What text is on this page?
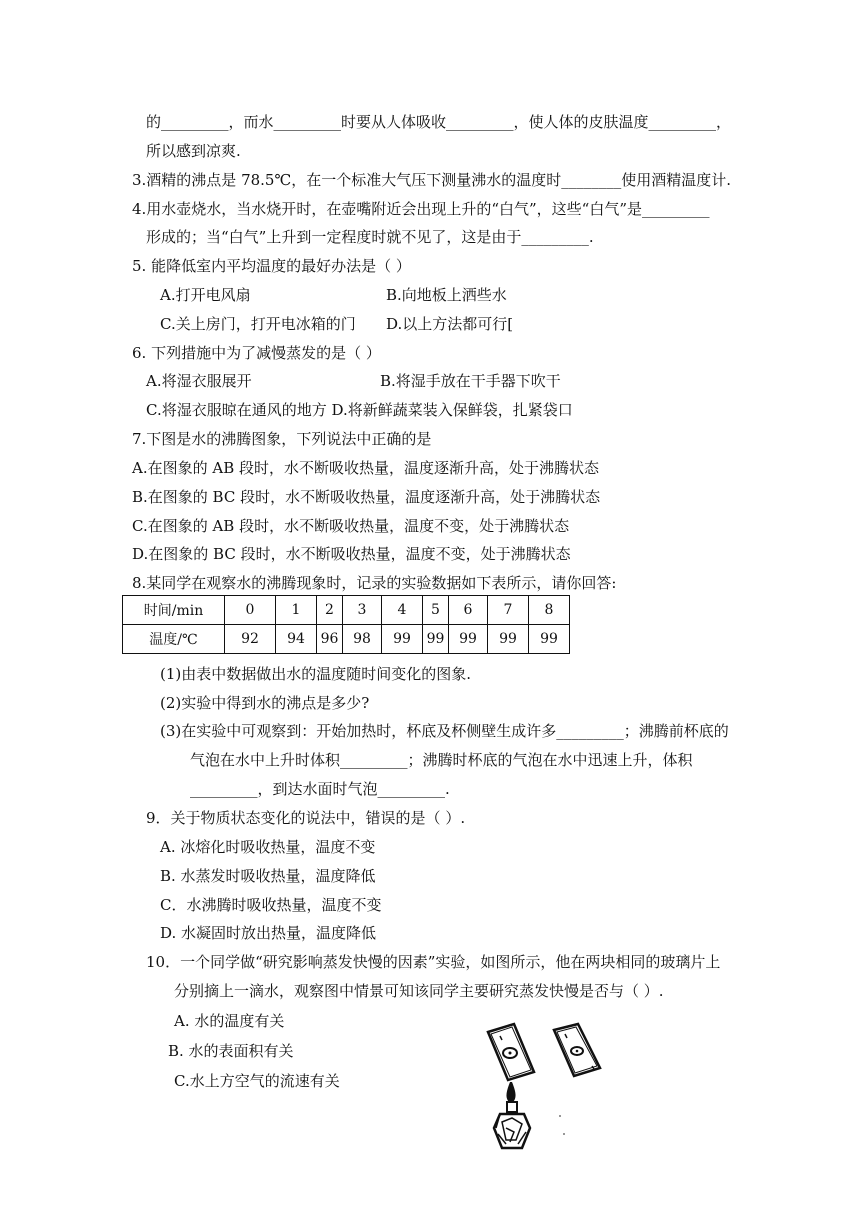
的_________，而水_________时要从人体吸收_________，使人体的皮肤温度_________，
所以感到凉爽.
3.酒精的沸点是 78.5℃，在一个标准大气压下测量沸水的温度时________使用酒精温度计.
4.用水壶烧水，当水烧开时，在壶嘴附近会出现上升的“白气”，这些“白气”是_________
形成的；当“白气”上升到一定程度时就不见了，这是由于_________.
5. 能降低室内平均温度的最好办法是（ ）
A.打开电风扇	B.向地板上洒些水
C.关上房门，打开电冰箱的门 D.以上方法都可行[
6. 下列措施中为了减慢蒸发的是（ ）
A.将湿衣服展开	B.将湿手放在干手器下吹干
C.将湿衣服晾在通风的地方 D.将新鲜蔬菜装入保鲜袋，扎紧袋口
7.下图是水的沸腾图象，下列说法中正确的是
A.在图象的 AB 段时，水不断吸收热量，温度逐渐升高，处于沸腾状态
B.在图象的 BC 段时，水不断吸收热量，温度逐渐升高，处于沸腾状态
C.在图象的 AB 段时，水不断吸收热量，温度不变，处于沸腾状态
D.在图象的 BC 段时，水不断吸收热量，温度不变，处于沸腾状态
8.某同学在观察水的沸腾现象时，记录的实验数据如下表所示，请你回答:
时间/min	0	1	2	3	4	5	6	7	8
温度/℃	92	94	96	98	99	99	99	99	99
(1)由表中数据做出水的温度随时间变化的图象.
(2)实验中得到水的沸点是多少?
(3)在实验中可观察到：开始加热时，杯底及杯侧壁生成许多_________；沸腾前杯底的
气泡在水中上升时体积_________；沸腾时杯底的气泡在水中迅速上升，体积
_________，到达水面时气泡_________.
9．关于物质状态变化的说法中，错误的是（ ）.
A. 冰熔化时吸收热量，温度不变
B. 水蒸发时吸收热量，温度降低
C．水沸腾时吸收热量，温度不变
D. 水凝固时放出热量，温度降低
10．一个同学做“研究影响蒸发快慢的因素”实验，如图所示，他在两块相同的玻璃片上
分别摘上一滴水，观察图中情景可知该同学主要研究蒸发快慢是否与（ ）.
A. 水的温度有关
B. 水的表面积有关
C.水上方空气的流速有关
